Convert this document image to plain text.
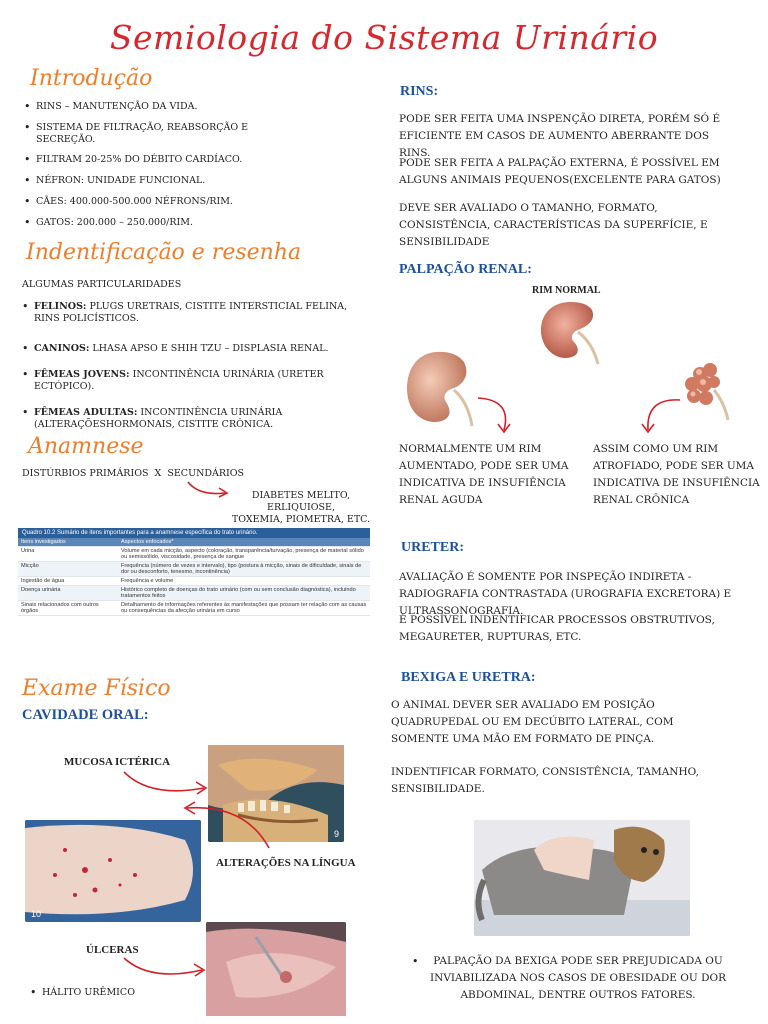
Semiologia do Sistema Urinário
Introdução
• RINS – MANUTENÇÃO DA VIDA.
• SISTEMA DE FILTRAÇÃO, REABSORÇÃO E SECREÇÃO.
• FILTRAM 20-25% DO DÉBITO CARDÍACO.
• NÉFRON: UNIDADE FUNCIONAL.
• CÃES: 400.000-500.000 NÉFRONS/RIM.
• GATOS: 200.000 – 250.000/RIM.
Indentificação e resenha
ALGUMAS PARTICULARIDADES
• FELINOS: PLUGS URETRAIS, CISTITE INTERSTICIAL FELINA, RINS POLICÍSTICOS.
• CANINOS: LHASA APSO E SHIH TZU – DISPLASIA RENAL.
• FÊMEAS JOVENS: INCONTINÊNCIA URINÁRIA (URETER ECTÓPICO).
• FÊMEAS ADULTAS: INCONTINÊNCIA URINÁRIA (ALTERAÇÕESHORMONAIS, CISTITE CRÔNICA.
Anamnese
DISTÚRBIOS PRIMÁRIOS  X  SECUNDÁRIOS
DIABETES MELITO, ERLIQUIOSE,
TOXEMIA, PIOMETRA, ETC.
Quadro 10.2 Sumário de itens importantes para a anamnese específica do trato urinário.
Itens investigados	Aspectos enfocados*
Urina	Volume em cada micção, aspecto (coloração, transparência/turvação, presença de material sólido ou semissólido, viscosidade, presença de sangue
Micção	Frequência (número de vezes e intervalo), tipo (postura à micção, sinais de dificuldade, sinais de dor ou desconforto, tenesmo, incontinência)
Ingestão de água	Frequência e volume
Doença urinária	Histórico completo de doenças do trato urinário (com ou sem conclusão diagnóstica), incluindo tratamentos feitos
Sinais relacionados com outros órgãos	Detalhamento de informações referentes às manifestações que possam ter relação com as causas ou consequências da afecção urinária em curso
Exame Físico
CAVIDADE ORAL:
MUCOSA ICTÉRICA
9
10
ALTERAÇÕES NA LÍNGUA
ÚLCERAS
• HÁLITO URÊMICO
RINS:
PODE SER FEITA UMA INSPENÇÃO DIRETA, PORÉM SÓ É EFICIENTE EM CASOS DE AUMENTO ABERRANTE DOS RINS.
PODE SER FEITA A PALPAÇÃO EXTERNA, É POSSÍVEL EM ALGUNS ANIMAIS PEQUENOS(EXCELENTE PARA GATOS)
DEVE SER AVALIADO O TAMANHO, FORMATO, CONSISTÊNCIA, CARACTERÍSTICAS DA SUPERFÍCIE, E SENSIBILIDADE
PALPAÇÃO RENAL:
RIM NORMAL
NORMALMENTE UM RIM AUMENTADO, PODE SER UMA INDICATIVA DE INSUFIÊNCIA RENAL AGUDA
ASSIM COMO UM RIM ATROFIADO, PODE SER UMA INDICATIVA DE INSUFIÊNCIA RENAL CRÔNICA
URETER:
AVALIAÇÃO É SOMENTE POR INSPEÇÃO INDIRETA - RADIOGRAFIA CONTRASTADA (UROGRAFIA EXCRETORA) E ULTRASSONOGRAFIA.
É POSSÍVEL INDENTIFICAR PROCESSOS OBSTRUTIVOS, MEGAURETER, RUPTURAS, ETC.
BEXIGA E URETRA:
O ANIMAL DEVER SER AVALIADO EM POSIÇÃO QUADRUPEDAL OU EM DECÚBITO LATERAL, COM SOMENTE UMA MÃO EM FORMATO DE PINÇA.
INDENTIFICAR FORMATO, CONSISTÊNCIA, TAMANHO, SENSIBILIDADE.
• PALPAÇÃO DA BEXIGA PODE SER PREJUDICADA OU INVIABILIZADA NOS CASOS DE OBESIDADE OU DOR ABDOMINAL, DENTRE OUTROS FATORES.
